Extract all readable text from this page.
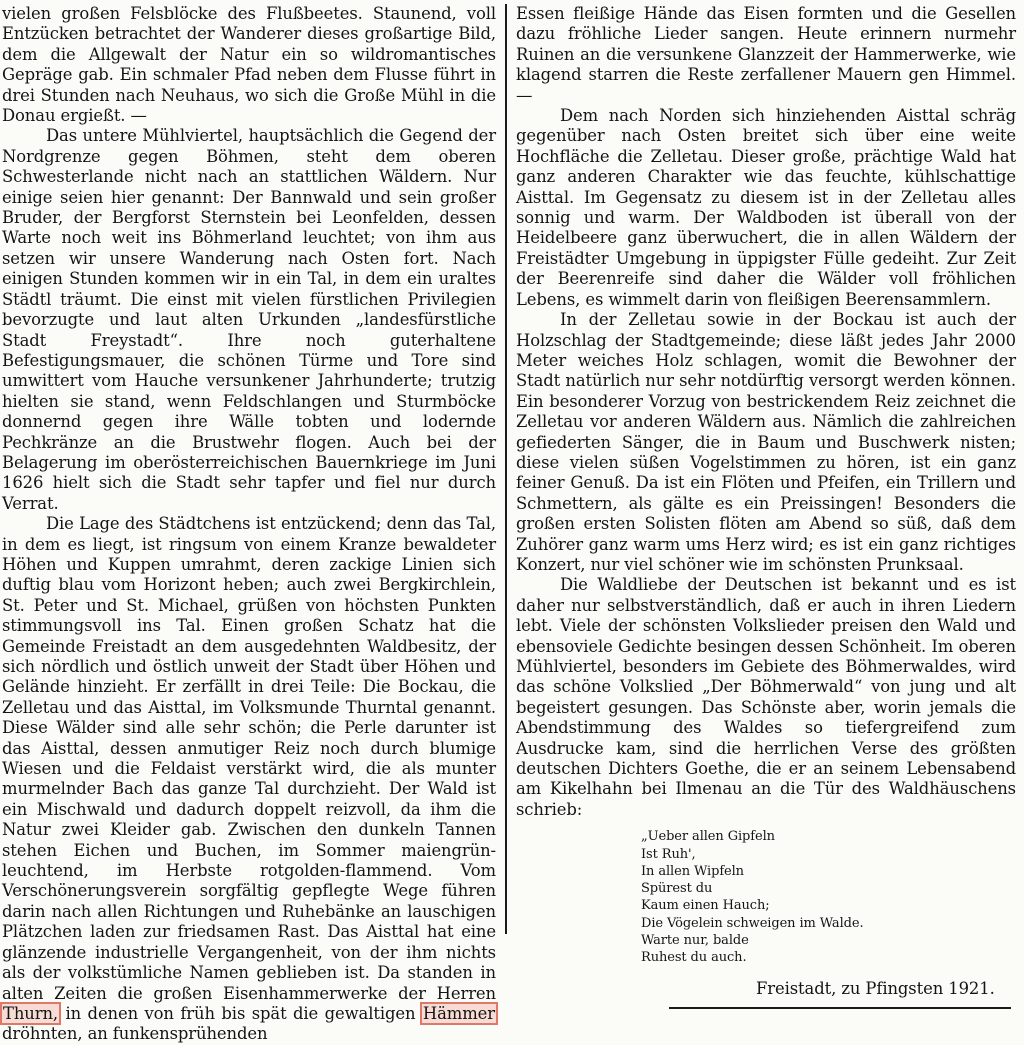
vielen großen Felsblöcke des Flußbeetes. Staunend, voll Entzücken betrachtet der Wanderer dieses großartige Bild, dem die Allgewalt der Natur ein so wildromantisches Gepräge gab. Ein schmaler Pfad neben dem Flusse führt in drei Stunden nach Neuhaus, wo sich die Große Mühl in die Donau ergießt. —

Das untere Mühlviertel, hauptsächlich die Gegend der Nordgrenze gegen Böhmen, steht dem oberen Schwesterlande nicht nach an stattlichen Wäldern. Nur einige seien hier genannt: Der Bannwald und sein großer Bruder, der Bergforst Sternstein bei Leonfelden, dessen Warte noch weit ins Böhmerland leuchtet; von ihm aus setzen wir unsere Wanderung nach Osten fort. Nach einigen Stunden kommen wir in ein Tal, in dem ein uraltes Städtl träumt. Die einst mit vielen fürstlichen Privilegien bevorzugte und laut alten Urkunden „landesfürstliche Stadt Freystadt“. Ihre noch guterhaltene Befestigungsmauer, die schönen Türme und Tore sind umwittert vom Hauche versunkener Jahrhunderte; trutzig hielten sie stand, wenn Feldschlangen und Sturmböcke donnernd gegen ihre Wälle tobten und lodernde Pechkränze an die Brustwehr flogen. Auch bei der Belagerung im oberösterreichischen Bauernkriege im Juni 1626 hielt sich die Stadt sehr tapfer und fiel nur durch Verrat.

Die Lage des Städtchens ist entzückend; denn das Tal, in dem es liegt, ist ringsum von einem Kranze bewaldeter Höhen und Kuppen umrahmt, deren zackige Linien sich duftig blau vom Horizont heben; auch zwei Bergkirchlein, St. Peter und St. Michael, grüßen von höchsten Punkten stimmungsvoll ins Tal. Einen großen Schatz hat die Gemeinde Freistadt an dem ausgedehnten Waldbesitz, der sich nördlich und östlich unweit der Stadt über Höhen und Gelände hinzieht. Er zerfällt in drei Teile: Die Bockau, die Zelletau und das Aisttal, im Volksmunde Thurntal genannt. Diese Wälder sind alle sehr schön; die Perle darunter ist das Aisttal, dessen anmutiger Reiz noch durch blumige Wiesen und die Feldaist verstärkt wird, die als munter murmelnder Bach das ganze Tal durchzieht. Der Wald ist ein Mischwald und dadurch doppelt reizvoll, da ihm die Natur zwei Kleider gab. Zwischen den dunkeln Tannen stehen Eichen und Buchen, im Sommer maiengrün-leuchtend, im Herbste rotgolden-flammend. Vom Verschönerungsverein sorgfältig gepflegte Wege führen darin nach allen Richtungen und Ruhebänke an lauschigen Plätzchen laden zur friedsamen Rast. Das Aisttal hat eine glänzende industrielle Vergangenheit, von der ihm nichts als der volkstümliche Namen geblieben ist. Da standen in alten Zeiten die großen Eisenhammerwerke der Herren Thurn, in denen von früh bis spät die gewaltigen Hämmer dröhnten, an funkensprühenden

Essen fleißige Hände das Eisen formten und die Gesellen dazu fröhliche Lieder sangen. Heute erinnern nurmehr Ruinen an die versunkene Glanzzeit der Hammerwerke, wie klagend starren die Reste zerfallener Mauern gen Himmel. —

Dem nach Norden sich hinziehenden Aisttal schräg gegenüber nach Osten breitet sich über eine weite Hochfläche die Zelletau. Dieser große, prächtige Wald hat ganz anderen Charakter wie das feuchte, kühlschattige Aisttal. Im Gegensatz zu diesem ist in der Zelletau alles sonnig und warm. Der Waldboden ist überall von der Heidelbeere ganz überwuchert, die in allen Wäldern der Freistädter Umgebung in üppigster Fülle gedeiht. Zur Zeit der Beerenreife sind daher die Wälder voll fröhlichen Lebens, es wimmelt darin von fleißigen Beerensammlern.

In der Zelletau sowie in der Bockau ist auch der Holzschlag der Stadtgemeinde; diese läßt jedes Jahr 2000 Meter weiches Holz schlagen, womit die Bewohner der Stadt natürlich nur sehr notdürftig versorgt werden können. Ein besonderer Vorzug von bestrickendem Reiz zeichnet die Zelletau vor anderen Wäldern aus. Nämlich die zahlreichen gefiederten Sänger, die in Baum und Buschwerk nisten; diese vielen süßen Vogelstimmen zu hören, ist ein ganz feiner Genuß. Da ist ein Flöten und Pfeifen, ein Trillern und Schmettern, als gälte es ein Preissingen! Besonders die großen ersten Solisten flöten am Abend so süß, daß dem Zuhörer ganz warm ums Herz wird; es ist ein ganz richtiges Konzert, nur viel schöner wie im schönsten Prunksaal.

Die Waldliebe der Deutschen ist bekannt und es ist daher nur selbstverständlich, daß er auch in ihren Liedern lebt. Viele der schönsten Volkslieder preisen den Wald und ebensoviele Gedichte besingen dessen Schönheit. Im oberen Mühlviertel, besonders im Gebiete des Böhmerwaldes, wird das schöne Volkslied „Der Böhmerwald“ von jung und alt begeistert gesungen. Das Schönste aber, worin jemals die Abendstimmung des Waldes so tiefergreifend zum Ausdrucke kam, sind die herrlichen Verse des größten deutschen Dichters Goethe, die er an seinem Lebensabend am Kikelhahn bei Ilmenau an die Tür des Waldhäuschens schrieb:

„Ueber allen Gipfeln
Ist Ruh',
In allen Wipfeln
Spürest du
Kaum einen Hauch;
Die Vögelein schweigen im Walde.
Warte nur, balde
Ruhest du auch.
Freistadt, zu Pfingsten 1921.
